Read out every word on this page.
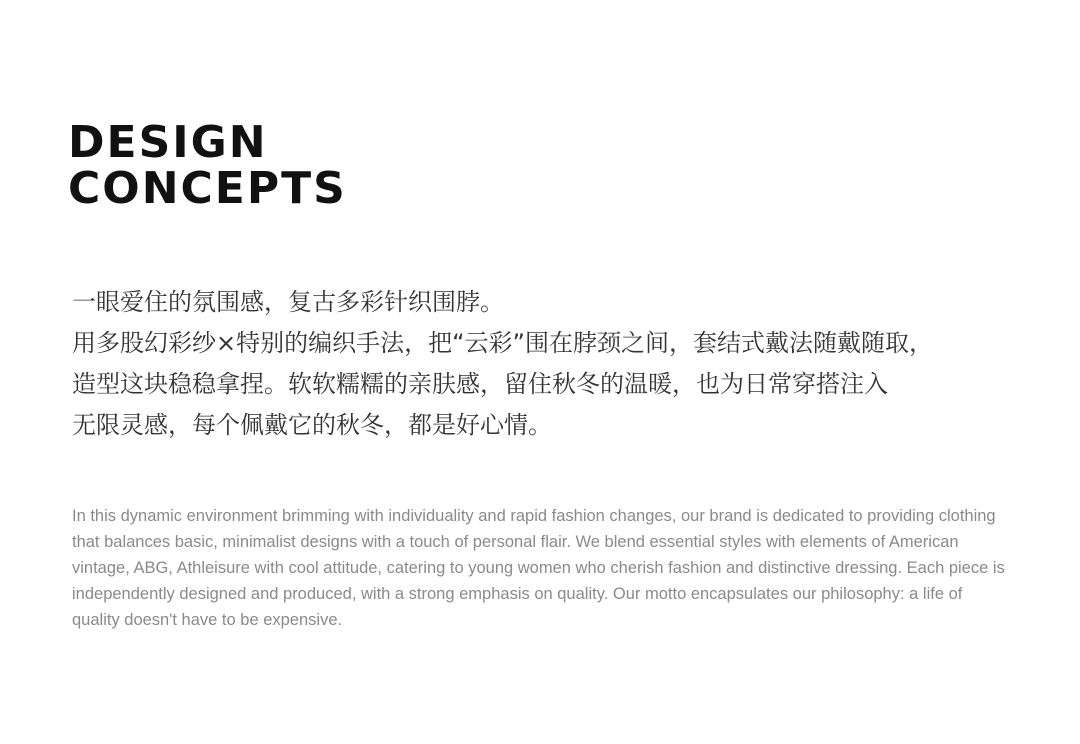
DESIGN
CONCEPTS

一眼爱住的氛围感，复古多彩针织围脖。

用多股幻彩纱×特别的编织手法，把“云彩”围在脖颈之间，套结式戴法随戴随取，

造型这块稳稳拿捏。软软糯糯的亲肤感，留住秋冬的温暖，也为日常穿搭注入

无限灵感，每个佩戴它的秋冬，都是好心情。

In this dynamic environment brimming with individuality and rapid fashion changes, our brand is dedicated to providing clothing that balances basic, minimalist designs with a touch of personal flair. We blend essential styles with elements of American vintage, ABG, Athleisure with cool attitude, catering to young women who cherish fashion and distinctive dressing. Each piece is independently designed and produced, with a strong emphasis on quality. Our motto encapsulates our philosophy: a life of quality doesn't have to be expensive.
